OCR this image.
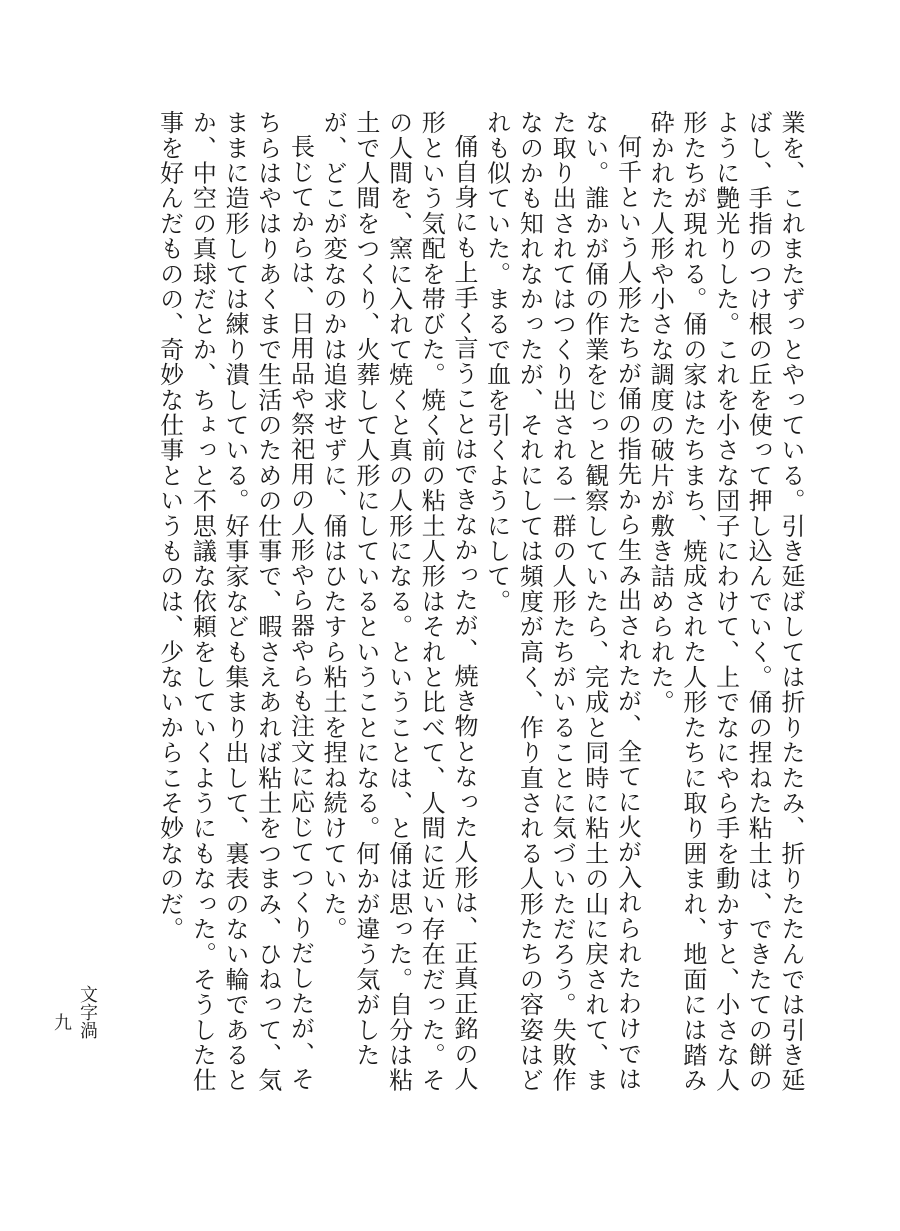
業を、これまたずっとやっている。引き延ばしては折りたたみ、折りたたんでは引き延ばし、手指のつけ根の丘を使って押し込んでいく。俑の捏ねた粘土は、できたての餅のように艶光りした。これを小さな団子にわけて、上でなにやら手を動かすと、小さな人形たちが現れる。俑の家はたちまち、焼成された人形たちに取り囲まれ、地面には踏み砕かれた人形や小さな調度の破片が敷き詰められた。

何千という人形たちが俑の指先から生み出されたが、全てに火が入れられたわけではない。誰かが俑の作業をじっと観察していたら、完成と同時に粘土の山に戻されて、また取り出されてはつくり出される一群の人形たちがいることに気づいただろう。失敗作なのかも知れなかったが、それにしては頻度が高く、作り直される人形たちの容姿はどれも似ていた。まるで血を引くようにして。

俑自身にも上手く言うことはできなかったが、焼き物となった人形は、正真正銘の人形という気配を帯びた。焼く前の粘土人形はそれと比べて、人間に近い存在だった。その人間を、窯に入れて焼くと真の人形になる。ということは、と俑は思った。自分は粘土で人間をつくり、火葬して人形にしているということになる。何かが違う気がしたが、どこが変なのかは追求せずに、俑はひたすら粘土を捏ね続けていた。

長じてからは、日用品や祭祀用の人形やら器やらも注文に応じてつくりだしたが、そちらはやはりあくまで生活のための仕事で、暇さえあれば粘土をつまみ、ひねって、気ままに造形しては練り潰している。好事家なども集まり出して、裏表のない輪であるとか、中空の真球だとか、ちょっと不思議な依頼をしていくようにもなった。そうした仕事を好んだものの、奇妙な仕事というものは、少ないからこそ妙なのだ。

文字渦
九
